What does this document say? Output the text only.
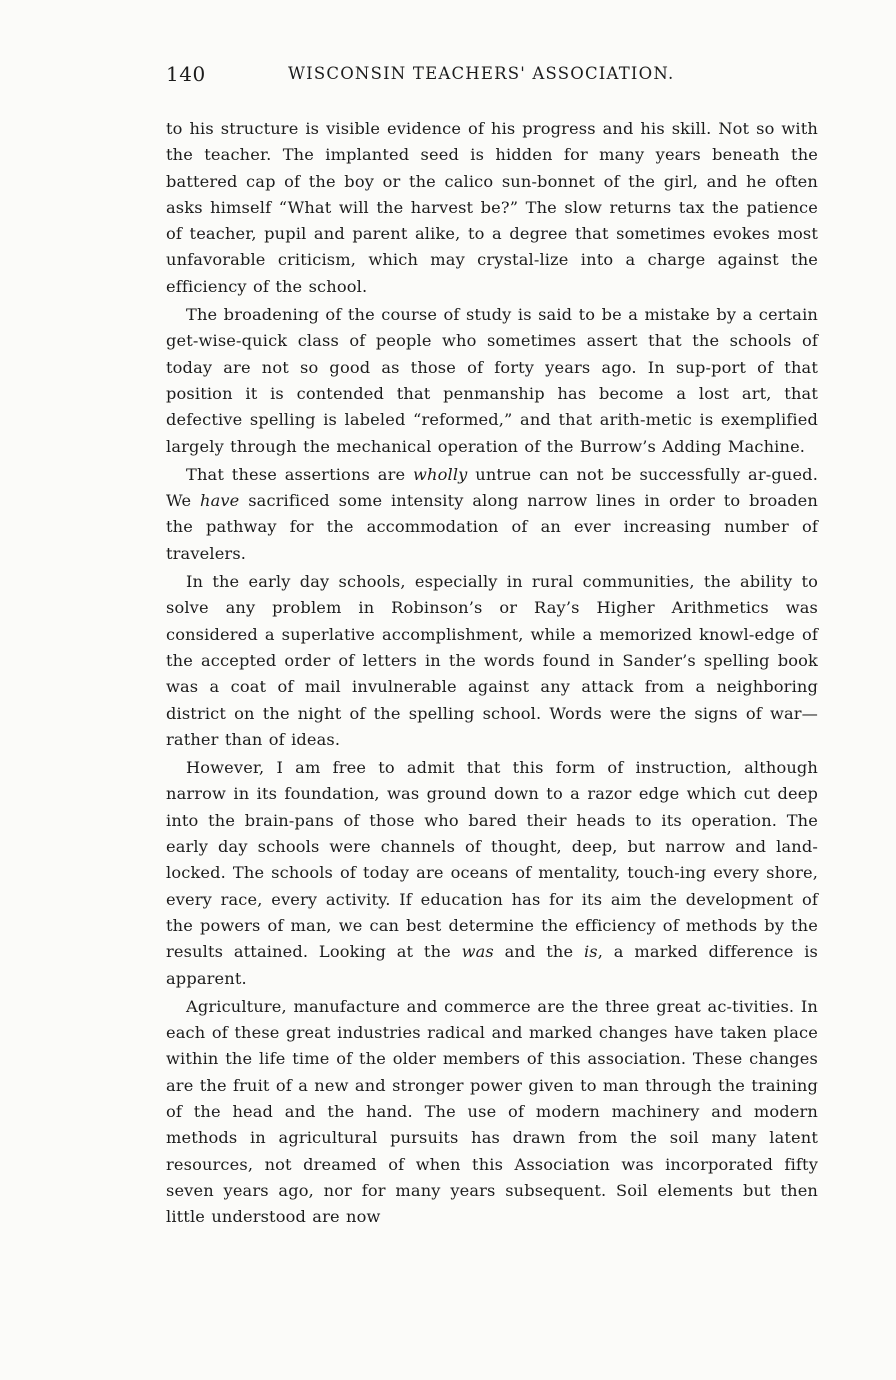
140	WISCONSIN TEACHERS' ASSOCIATION.

to his structure is visible evidence of his progress and his skill. Not so with the teacher. The implanted seed is hidden for many years beneath the battered cap of the boy or the calico sun-bonnet of the girl, and he often asks himself “What will the harvest be?” The slow returns tax the patience of teacher, pupil and parent alike, to a degree that sometimes evokes most unfavorable criticism, which may crystal-lize into a charge against the efficiency of the school.

The broadening of the course of study is said to be a mistake by a certain get-wise-quick class of people who sometimes assert that the schools of today are not so good as those of forty years ago. In sup-port of that position it is contended that penmanship has become a lost art, that defective spelling is labeled “reformed,” and that arith-metic is exemplified largely through the mechanical operation of the Burrow’s Adding Machine.

That these assertions are wholly untrue can not be successfully ar-gued. We have sacrificed some intensity along narrow lines in order to broaden the pathway for the accommodation of an ever increasing number of travelers.

In the early day schools, especially in rural communities, the ability to solve any problem in Robinson’s or Ray’s Higher Arithmetics was considered a superlative accomplishment, while a memorized knowl-edge of the accepted order of letters in the words found in Sander’s spelling book was a coat of mail invulnerable against any attack from a neighboring district on the night of the spelling school. Words were the signs of war—rather than of ideas.

However, I am free to admit that this form of instruction, although narrow in its foundation, was ground down to a razor edge which cut deep into the brain-pans of those who bared their heads to its operation. The early day schools were channels of thought, deep, but narrow and land-locked. The schools of today are oceans of mentality, touch-ing every shore, every race, every activity. If education has for its aim the development of the powers of man, we can best determine the efficiency of methods by the results attained. Looking at the was and the is, a marked difference is apparent.

Agriculture, manufacture and commerce are the three great ac-tivities. In each of these great industries radical and marked changes have taken place within the life time of the older members of this association. These changes are the fruit of a new and stronger power given to man through the training of the head and the hand. The use of modern machinery and modern methods in agricultural pursuits has drawn from the soil many latent resources, not dreamed of when this Association was incorporated fifty seven years ago, nor for many years subsequent. Soil elements but then little understood are now
